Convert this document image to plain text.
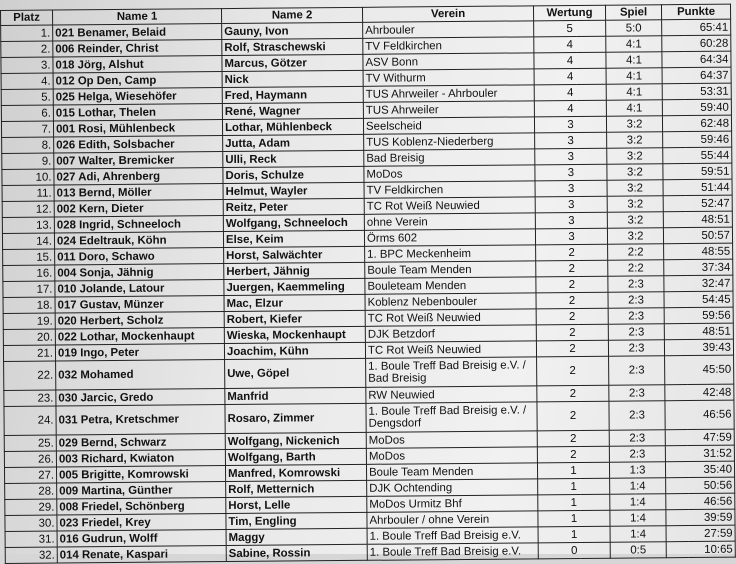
Platz	Name 1	Name 2	Verein	Wertung	Spiel	Punkte
1.	021 Benamer, Belaid	Gauny, Ivon	Ahrbouler	5	5:0	65:41
2.	006 Reinder, Christ	Rolf, Straschewski	TV Feldkirchen	4	4:1	60:28
3.	018 Jörg, Alshut	Marcus, Götzer	ASV Bonn	4	4:1	64:34
4.	012 Op Den, Camp	Nick	TV Withurm	4	4:1	64:37
5.	025 Helga, Wiesehöfer	Fred, Haymann	TUS Ahrweiler - Ahrbouler	4	4:1	53:31
6.	015 Lothar, Thelen	René, Wagner	TUS Ahrweiler	4	4:1	59:40
7.	001 Rosi, Mühlenbeck	Lothar, Mühlenbeck	Seelscheid	3	3:2	62:48
8.	026 Edith, Solsbacher	Jutta, Adam	TUS Koblenz-Niederberg	3	3:2	59:46
9.	007 Walter, Bremicker	Ulli, Reck	Bad Breisig	3	3:2	55:44
10.	027 Adi, Ahrenberg	Doris, Schulze	MoDos	3	3:2	59:51
11.	013 Bernd, Möller	Helmut, Wayler	TV Feldkirchen	3	3:2	51:44
12.	002 Kern, Dieter	Reitz, Peter	TC Rot Weiß Neuwied	3	3:2	52:47
13.	028 Ingrid, Schneeloch	Wolfgang, Schneeloch	ohne Verein	3	3:2	48:51
14.	024 Edeltrauk, Köhn	Else, Keim	Örms 602	3	3:2	50:57
15.	011 Doro, Schawo	Horst, Salwächter	1. BPC Meckenheim	2	2:2	48:55
16.	004 Sonja, Jähnig	Herbert, Jähnig	Boule Team Menden	2	2:2	37:34
17.	010 Jolande, Latour	Juergen, Kaemmeling	Bouleteam Menden	2	2:3	32:47
18.	017 Gustav, Münzer	Mac, Elzur	Koblenz Nebenbouler	2	2:3	54:45
19.	020 Herbert, Scholz	Robert, Kiefer	TC Rot Weiß Neuwied	2	2:3	59:56
20.	022 Lothar, Mockenhaupt	Wieska, Mockenhaupt	DJK Betzdorf	2	2:3	48:51
21.	019 Ingo, Peter	Joachim, Kühn	TC Rot Weiß Neuwied	2	2:3	39:43
22.	032 Mohamed	Uwe, Göpel	1. Boule Treff Bad Breisig e.V. /
Bad Breisig	2	2:3	45:50
23.	030 Jarcic, Gredo	Manfrid	RW Neuwied	2	2:3	42:48
24.	031 Petra, Kretschmer	Rosaro, Zimmer	1. Boule Treff Bad Breisig e.V. /
Dengsdorf	2	2:3	46:56
25.	029 Bernd, Schwarz	Wolfgang, Nickenich	MoDos	2	2:3	47:59
26.	003 Richard, Kwiaton	Wolfgang, Barth	MoDos	2	2:3	31:52
27.	005 Brigitte, Komrowski	Manfred, Komrowski	Boule Team Menden	1	1:3	35:40
28.	009 Martina, Günther	Rolf, Metternich	DJK Ochtending	1	1:4	50:56
29.	008 Friedel, Schönberg	Horst, Lelle	MoDos Urmitz Bhf	1	1:4	46:56
30.	023 Friedel, Krey	Tim, Engling	Ahrbouler / ohne Verein	1	1:4	39:59
31.	016 Gudrun, Wolff	Maggy	1. Boule Treff Bad Breisig e.V.	1	1:4	27:59
32.	014 Renate, Kaspari	Sabine, Rossin	1. Boule Treff Bad Breisig e.V.	0	0:5	10:65
